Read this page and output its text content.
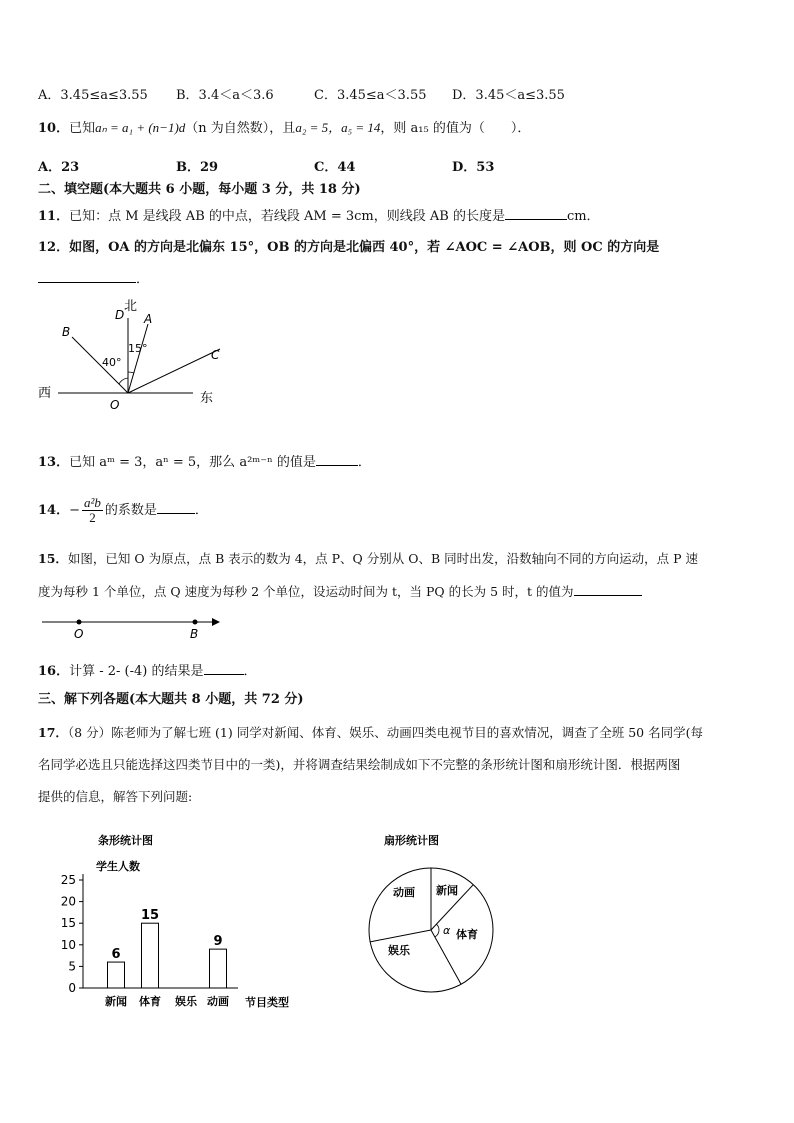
A．3.45≤a≤3.55 B．3.4＜a＜3.6	C．3.45≤a＜3.55 D．3.45＜a≤3.55
10．已知aₙ = a₁ + (n−1)d（n 为自然数），且a₂ = 5，a₅ = 14，则 a₁₅ 的值为（　　）．
A．23	B．29	C．44	D．53
二、填空题(本大题共 6 小题，每小题 3 分，共 18 分)
11．已知：点 M 是线段 AB 的中点，若线段 AM = 3cm，则线段 AB 的长度是	cm．
12．如图，OA 的方向是北偏东 15°，OB 的方向是北偏西 40°，若 ∠AOC = ∠AOB，则 OC 的方向是
．
北
D A
B
C
O
40°
15°
西	东
13．已知 aᵐ = 3，aⁿ = 5，那么 a²ᵐ⁻ⁿ 的值是	．
14．− $\frac{\text{a²b}}{2}$ 的系数是	．
15．如图，已知 O 为原点，点 B 表示的数为 4，点 P、Q 分别从 O、B 同时出发，沿数轴向不同的方向运动，点 P 速
度为每秒 1 个单位，点 Q 速度为每秒 2 个单位，设运动时间为 t，当 PQ 的长为 5 时，t 的值为
O	B
16．计算 - 2- (-4) 的结果是	．
三、解下列各题(本大题共 8 小题，共 72 分)
17．（8 分）陈老师为了解七班 (1) 同学对新闻、体育、娱乐、动画四类电视节目的喜欢情况，调查了全班 50 名同学(每
名同学必选且只能选择这四类节目中的一类)，并将调查结果绘制成如下不完整的条形统计图和扇形统计图．根据两图
提供的信息，解答下列问题:
条形统计图
学生人数
节目类型
0
5
10
15
20
25
6
新闻
15
体育 娱乐
9
动画
扇形统计图
新闻
体育
娱乐
动画
α
